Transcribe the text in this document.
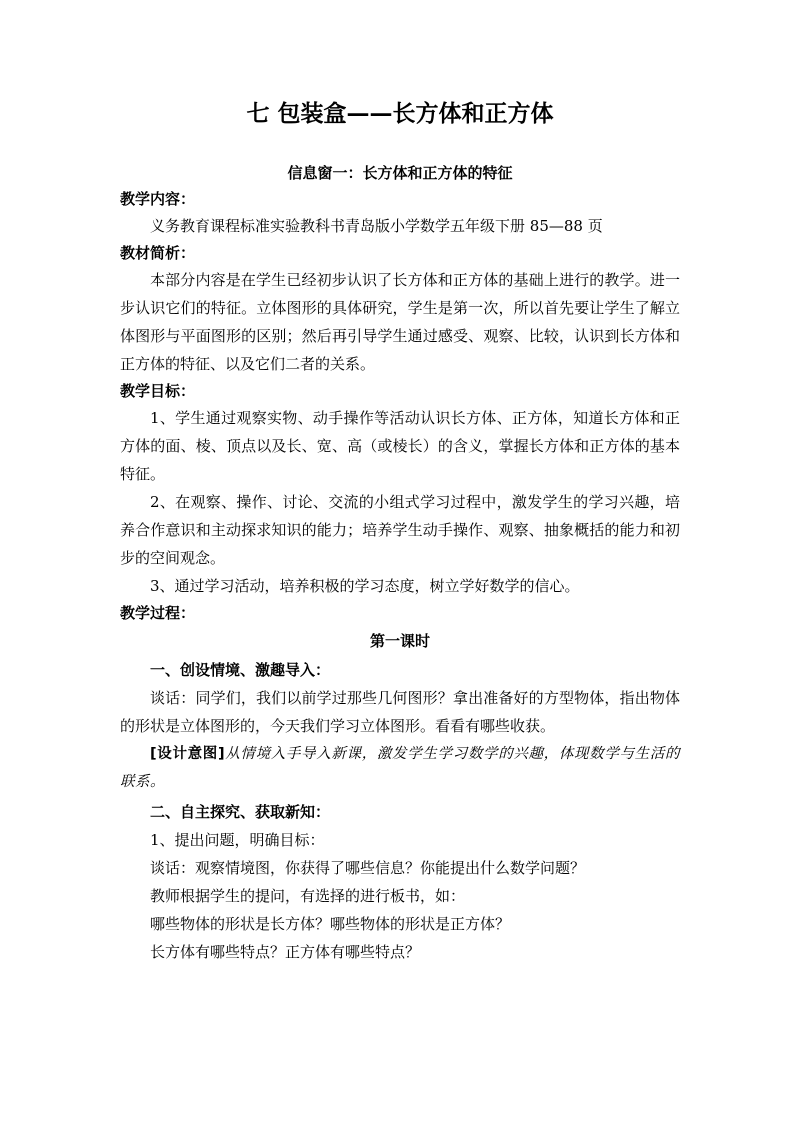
七 包装盒——长方体和正方体

信息窗一：长方体和正方体的特征

教学内容：

义务教育课程标准实验教科书青岛版小学数学五年级下册 85—88 页

教材简析：

本部分内容是在学生已经初步认识了长方体和正方体的基础上进行的教学。进一步认识它们的特征。立体图形的具体研究，学生是第一次，所以首先要让学生了解立体图形与平面图形的区别；然后再引导学生通过感受、观察、比较，认识到长方体和正方体的特征、以及它们二者的关系。

教学目标：

1、学生通过观察实物、动手操作等活动认识长方体、正方体，知道长方体和正方体的面、棱、顶点以及长、宽、高（或棱长）的含义，掌握长方体和正方体的基本特征。

2、在观察、操作、讨论、交流的小组式学习过程中，激发学生的学习兴趣，培养合作意识和主动探求知识的能力；培养学生动手操作、观察、抽象概括的能力和初步的空间观念。

3、通过学习活动，培养积极的学习态度，树立学好数学的信心。

教学过程：

第一课时

一、创设情境、激趣导入：

谈话：同学们，我们以前学过那些几何图形？拿出准备好的方型物体，指出物体的形状是立体图形的，今天我们学习立体图形。看看有哪些收获。

[设计意图]从情境入手导入新课，激发学生学习数学的兴趣，体现数学与生活的联系。

二、自主探究、获取新知：

1、提出问题，明确目标：

谈话：观察情境图，你获得了哪些信息？你能提出什么数学问题？

教师根据学生的提问，有选择的进行板书，如：

哪些物体的形状是长方体？哪些物体的形状是正方体？

长方体有哪些特点？正方体有哪些特点？
